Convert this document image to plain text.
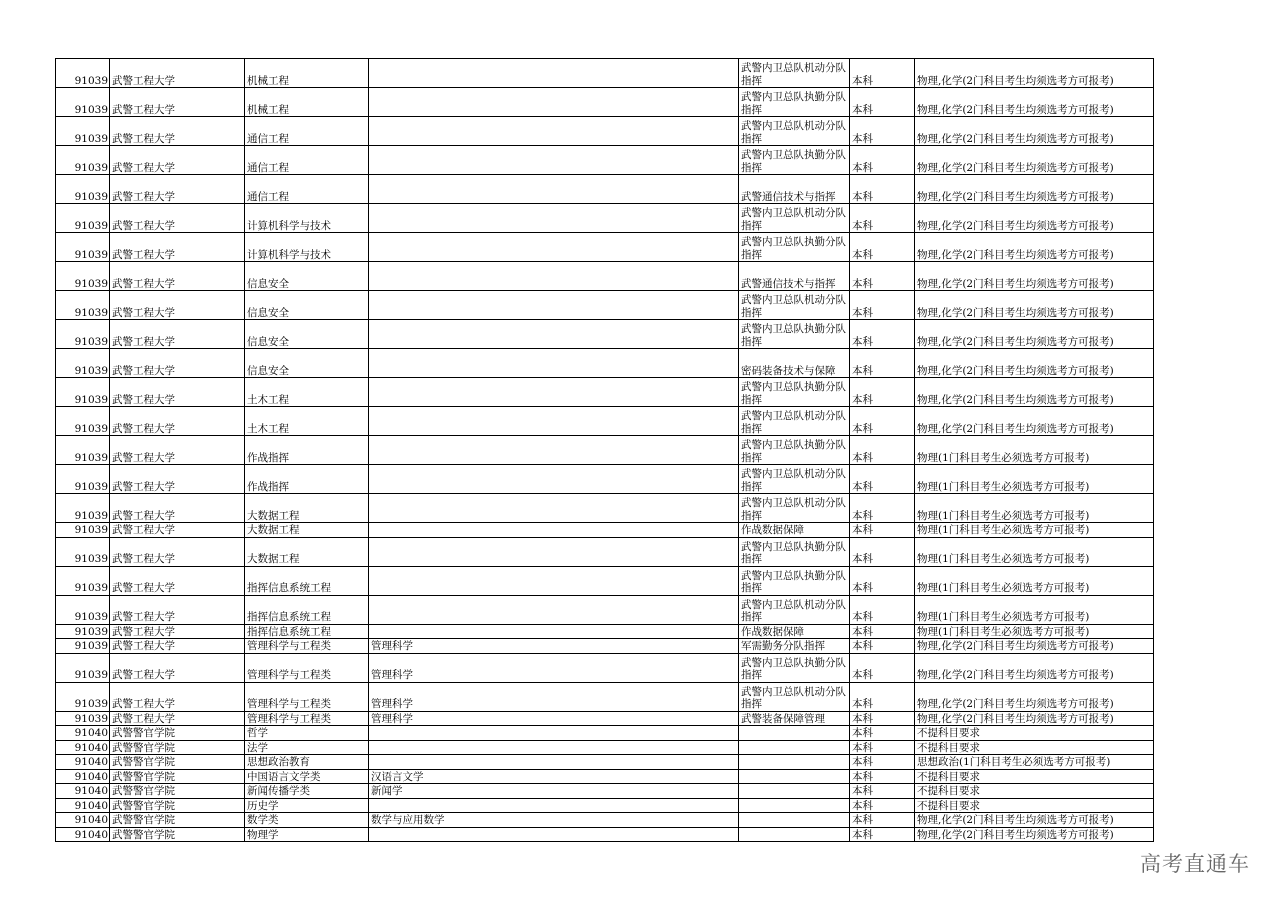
91039	武警工程大学	机械工程		武警内卫总队机动分队指挥	本科	物理,化学(2门科目考生均须选考方可报考)
91039	武警工程大学	机械工程		武警内卫总队执勤分队指挥	本科	物理,化学(2门科目考生均须选考方可报考)
91039	武警工程大学	通信工程		武警内卫总队机动分队指挥	本科	物理,化学(2门科目考生均须选考方可报考)
91039	武警工程大学	通信工程		武警内卫总队执勤分队指挥	本科	物理,化学(2门科目考生均须选考方可报考)
91039	武警工程大学	通信工程		武警通信技术与指挥	本科	物理,化学(2门科目考生均须选考方可报考)
91039	武警工程大学	计算机科学与技术		武警内卫总队机动分队指挥	本科	物理,化学(2门科目考生均须选考方可报考)
91039	武警工程大学	计算机科学与技术		武警内卫总队执勤分队指挥	本科	物理,化学(2门科目考生均须选考方可报考)
91039	武警工程大学	信息安全		武警通信技术与指挥	本科	物理,化学(2门科目考生均须选考方可报考)
91039	武警工程大学	信息安全		武警内卫总队机动分队指挥	本科	物理,化学(2门科目考生均须选考方可报考)
91039	武警工程大学	信息安全		武警内卫总队执勤分队指挥	本科	物理,化学(2门科目考生均须选考方可报考)
91039	武警工程大学	信息安全		密码装备技术与保障	本科	物理,化学(2门科目考生均须选考方可报考)
91039	武警工程大学	土木工程		武警内卫总队执勤分队指挥	本科	物理,化学(2门科目考生均须选考方可报考)
91039	武警工程大学	土木工程		武警内卫总队机动分队指挥	本科	物理,化学(2门科目考生均须选考方可报考)
91039	武警工程大学	作战指挥		武警内卫总队执勤分队指挥	本科	物理(1门科目考生必须选考方可报考)
91039	武警工程大学	作战指挥		武警内卫总队机动分队指挥	本科	物理(1门科目考生必须选考方可报考)
91039	武警工程大学	大数据工程		武警内卫总队机动分队指挥	本科	物理(1门科目考生必须选考方可报考)
91039	武警工程大学	大数据工程		作战数据保障	本科	物理(1门科目考生必须选考方可报考)
91039	武警工程大学	大数据工程		武警内卫总队执勤分队指挥	本科	物理(1门科目考生必须选考方可报考)
91039	武警工程大学	指挥信息系统工程		武警内卫总队执勤分队指挥	本科	物理(1门科目考生必须选考方可报考)
91039	武警工程大学	指挥信息系统工程		武警内卫总队机动分队指挥	本科	物理(1门科目考生必须选考方可报考)
91039	武警工程大学	指挥信息系统工程		作战数据保障	本科	物理(1门科目考生必须选考方可报考)
91039	武警工程大学	管理科学与工程类	管理科学	军需勤务分队指挥	本科	物理,化学(2门科目考生均须选考方可报考)
91039	武警工程大学	管理科学与工程类	管理科学	武警内卫总队执勤分队指挥	本科	物理,化学(2门科目考生均须选考方可报考)
91039	武警工程大学	管理科学与工程类	管理科学	武警内卫总队机动分队指挥	本科	物理,化学(2门科目考生均须选考方可报考)
91039	武警工程大学	管理科学与工程类	管理科学	武警装备保障管理	本科	物理,化学(2门科目考生均须选考方可报考)
91040	武警警官学院	哲学			本科	不提科目要求
91040	武警警官学院	法学			本科	不提科目要求
91040	武警警官学院	思想政治教育			本科	思想政治(1门科目考生必须选考方可报考)
91040	武警警官学院	中国语言文学类	汉语言文学		本科	不提科目要求
91040	武警警官学院	新闻传播学类	新闻学		本科	不提科目要求
91040	武警警官学院	历史学			本科	不提科目要求
91040	武警警官学院	数学类	数学与应用数学		本科	物理,化学(2门科目考生均须选考方可报考)
91040	武警警官学院	物理学			本科	物理,化学(2门科目考生均须选考方可报考)
高考直通车
